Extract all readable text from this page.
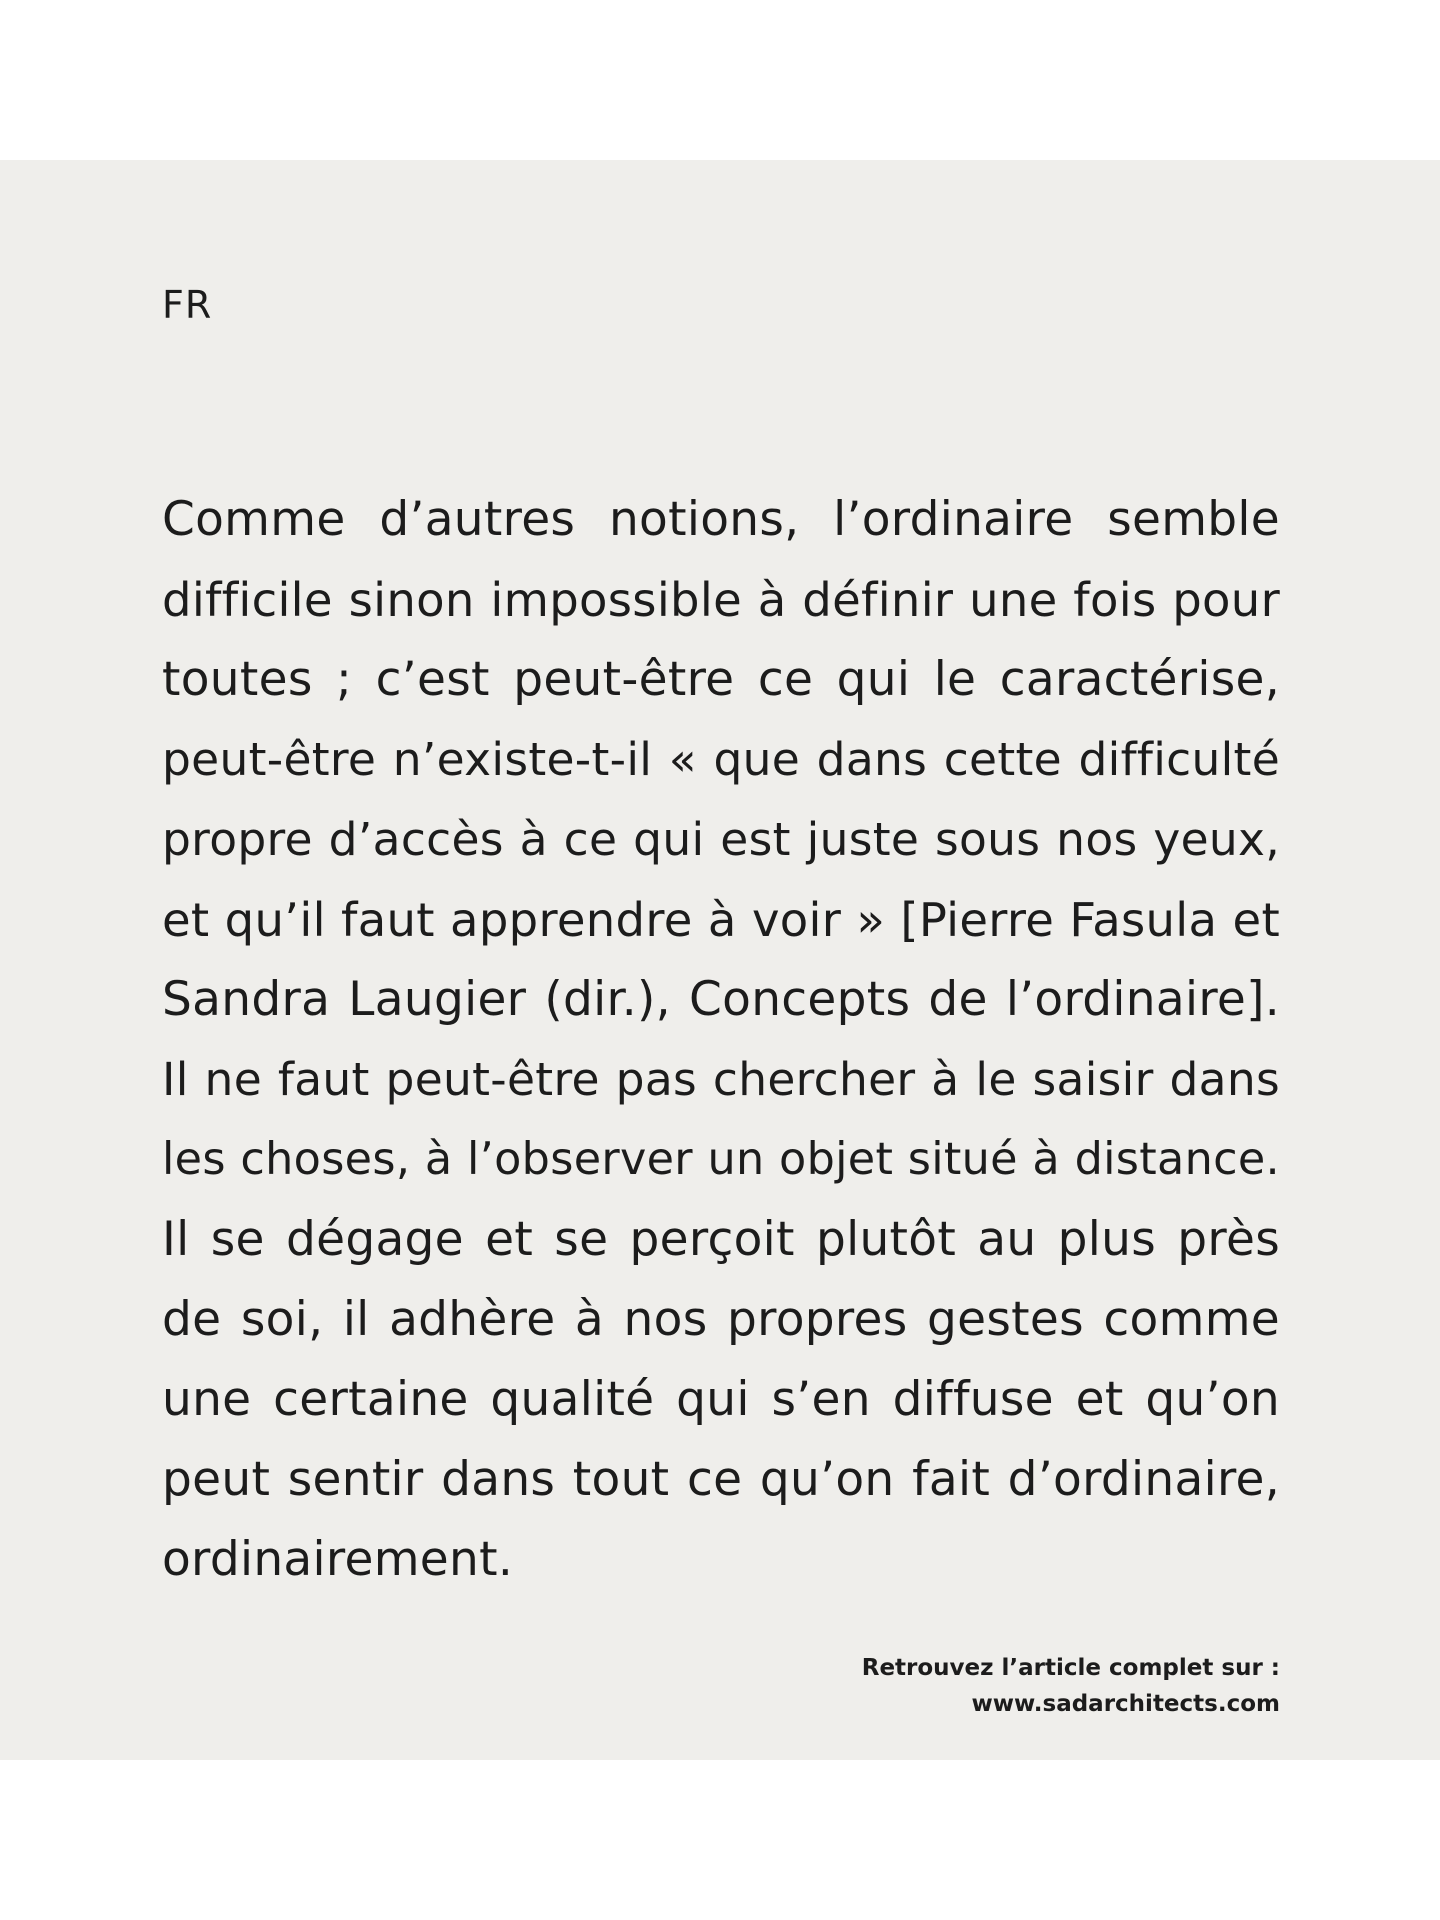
FR
Comme d’autres notions, l’ordinaire semble
difficile sinon impossible à définir une fois pour
toutes ; c’est peut-être ce qui le caractérise,
peut-être n’existe-t-il « que dans cette difficulté
propre d’accès à ce qui est juste sous nos yeux,
et qu’il faut apprendre à voir » [Pierre Fasula et
Sandra Laugier (dir.), Concepts de l’ordinaire].
Il ne faut peut-être pas chercher à le saisir dans
les choses, à l’observer un objet situé à distance.
Il se dégage et se perçoit plutôt au plus près
de soi, il adhère à nos propres gestes comme
une certaine qualité qui s’en diffuse et qu’on
peut sentir dans tout ce qu’on fait d’ordinaire,
ordinairement.

Retrouvez l’article complet sur :
www.sadarchitects.com
